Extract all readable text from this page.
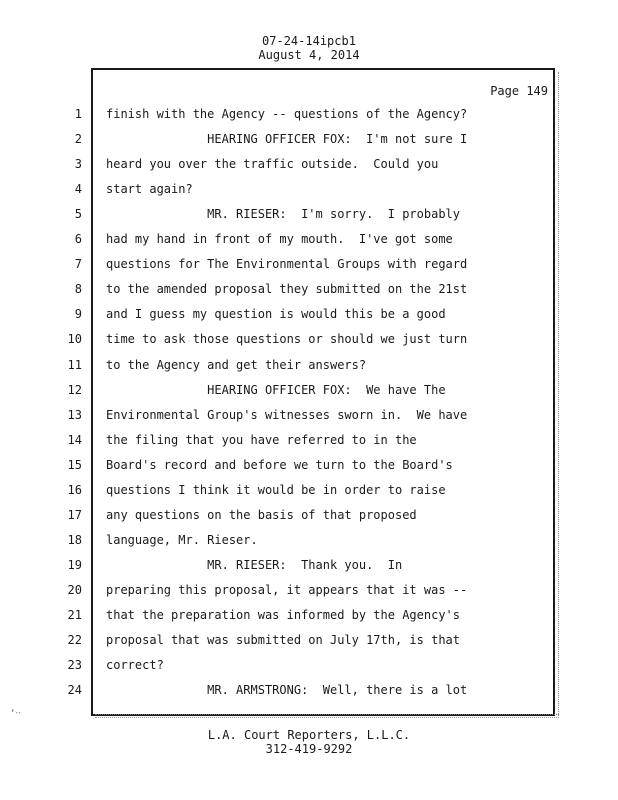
07-24-14ipcb1
August 4, 2014
Page 149
1 finish with the Agency -- questions of the Agency?
2 HEARING OFFICER FOX:  I'm not sure I
3 heard you over the traffic outside.  Could you
4 start again?
5 MR. RIESER:  I'm sorry.  I probably
6 had my hand in front of my mouth.  I've got some
7 questions for The Environmental Groups with regard
8 to the amended proposal they submitted on the 21st
9 and I guess my question is would this be a good
10 time to ask those questions or should we just turn
11 to the Agency and get their answers?
12 HEARING OFFICER FOX:  We have The
13 Environmental Group's witnesses sworn in.  We have
14 the filing that you have referred to in the
15 Board's record and before we turn to the Board's
16 questions I think it would be in order to raise
17 any questions on the basis of that proposed
18 language, Mr. Rieser.
19 MR. RIESER:  Thank you.  In
20 preparing this proposal, it appears that it was --
21 that the preparation was informed by the Agency's
22 proposal that was submitted on July 17th, is that
23 correct?
24 MR. ARMSTRONG:  Well, there is a lot
L.A. Court Reporters, L.L.C.
312-419-9292
‘‧‧
